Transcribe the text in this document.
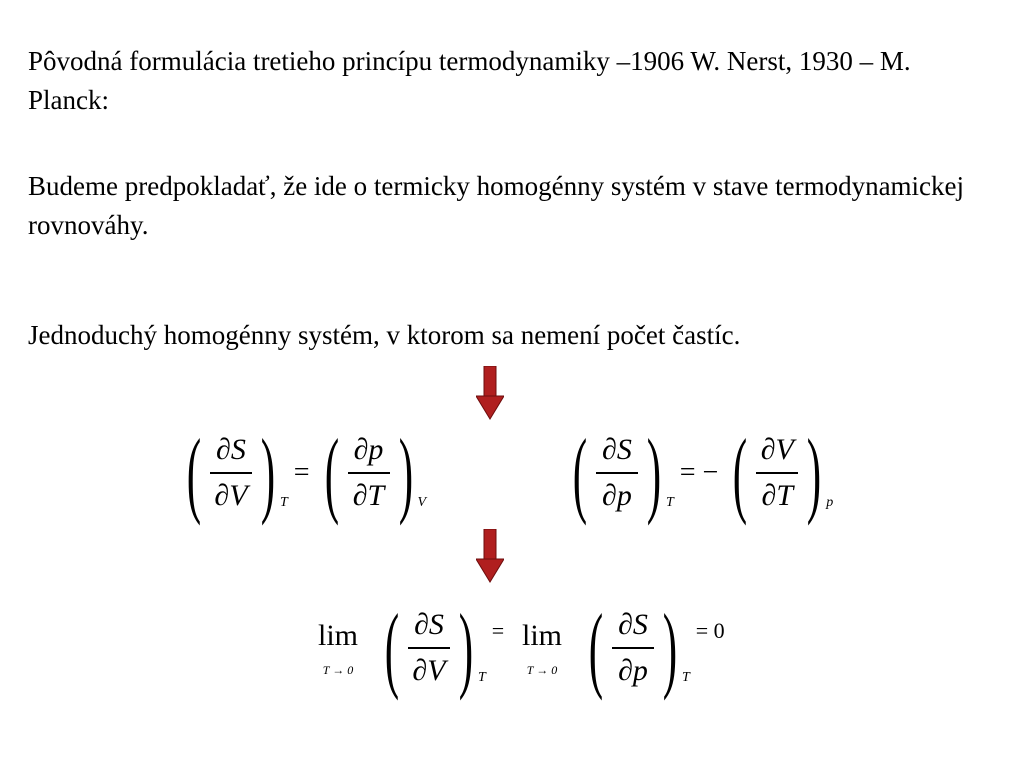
Pôvodná formulácia tretieho princípu termodynamiky –1906 W. Nerst, 1930 – M. Planck:

Budeme predpokladať, že ide o termicky homogénny systém v stave termodynamickej rovnováhy.

Jednoduchý homogénny systém, v ktorom sa nemení počet častíc.

( $\frac{\partial S}{\partial V}$ ) T
= ( $\frac{\partial p}{\partial T}$ ) V ( $\frac{\partial S}{\partial p}$ ) T
= − ( $\frac{\partial V}{\partial T}$ ) p
lim
T → 0 ( $\frac{\partial S}{\partial V}$ ) T
= lim
T → 0 ( $\frac{\partial S}{\partial p}$ ) T
= 0
